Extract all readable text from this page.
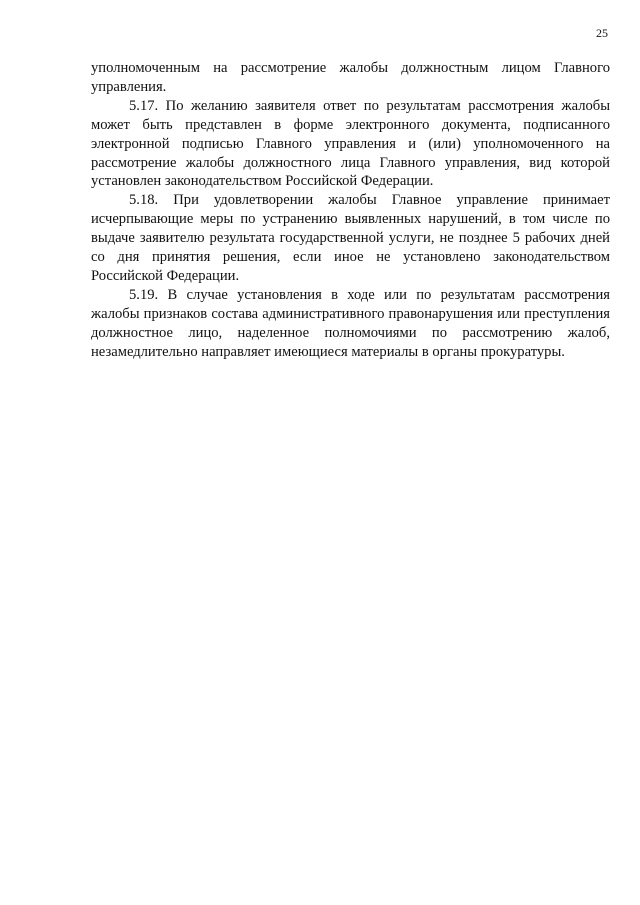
25

уполномоченным на рассмотрение жалобы должностным лицом Главного управления.

5.17. По желанию заявителя ответ по результатам рассмотрения жалобы может быть представлен в форме электронного документа, подписанного электронной подписью Главного управления и (или) уполномоченного на рассмотрение жалобы должностного лица Главного управления, вид которой установлен законодательством Российской Федерации.

5.18. При удовлетворении жалобы Главное управление принимает исчерпывающие меры по устранению выявленных нарушений, в том числе по выдаче заявителю результата государственной услуги, не позднее 5 рабочих дней со дня принятия решения, если иное не установлено законодательством Российской Федерации.

5.19. В случае установления в ходе или по результатам рассмотрения жалобы признаков состава административного правонарушения или преступления должностное лицо, наделенное полномочиями по рассмотрению жалоб, незамедлительно направляет имеющиеся материалы в органы прокуратуры.
